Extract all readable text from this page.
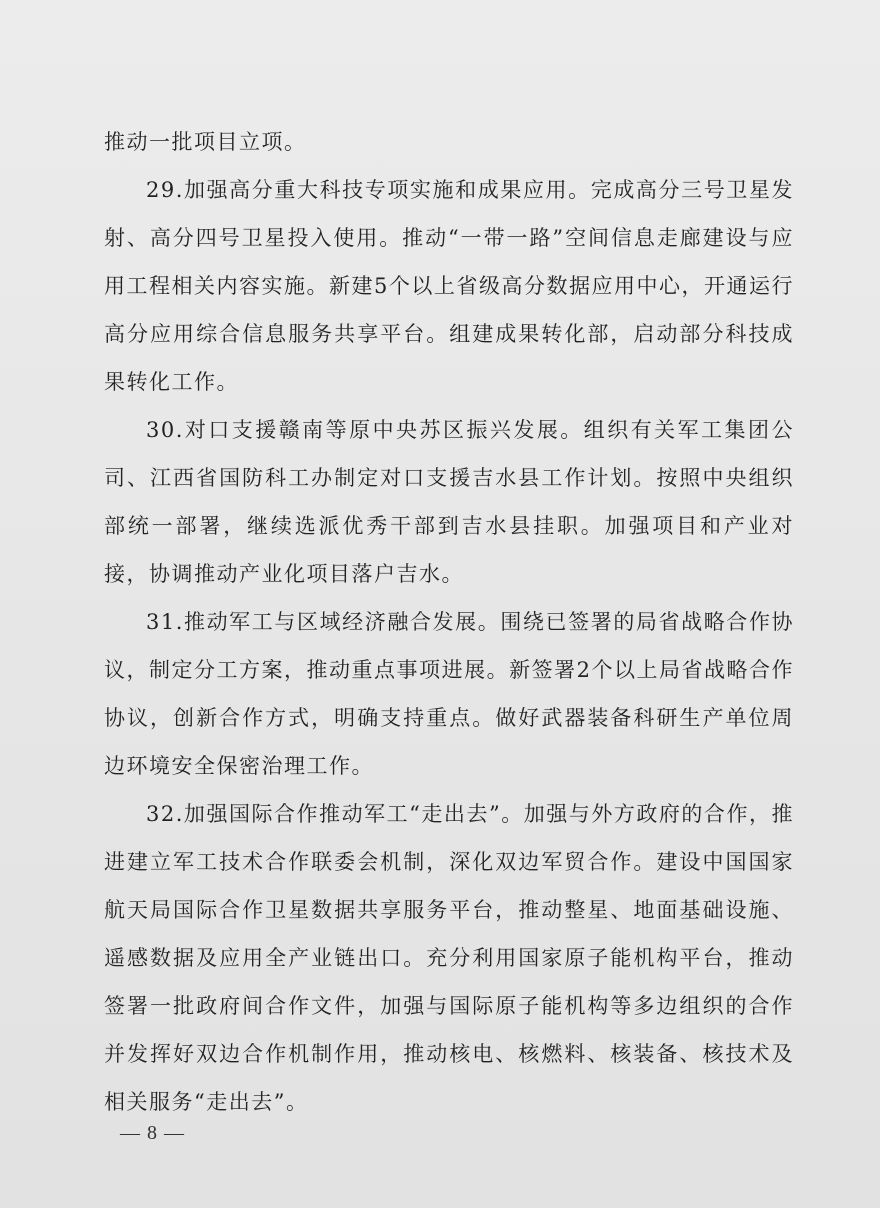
推动一批项目立项。

29.加强高分重大科技专项实施和成果应用。完成高分三号卫星发射、高分四号卫星投入使用。推动“一带一路”空间信息走廊建设与应用工程相关内容实施。新建5个以上省级高分数据应用中心，开通运行高分应用综合信息服务共享平台。组建成果转化部，启动部分科技成果转化工作。

30.对口支援赣南等原中央苏区振兴发展。组织有关军工集团公司、江西省国防科工办制定对口支援吉水县工作计划。按照中央组织部统一部署，继续选派优秀干部到吉水县挂职。加强项目和产业对接，协调推动产业化项目落户吉水。

31.推动军工与区域经济融合发展。围绕已签署的局省战略合作协议，制定分工方案，推动重点事项进展。新签署2个以上局省战略合作协议，创新合作方式，明确支持重点。做好武器装备科研生产单位周边环境安全保密治理工作。

32.加强国际合作推动军工“走出去”。加强与外方政府的合作，推进建立军工技术合作联委会机制，深化双边军贸合作。建设中国国家航天局国际合作卫星数据共享服务平台，推动整星、地面基础设施、遥感数据及应用全产业链出口。充分利用国家原子能机构平台，推动签署一批政府间合作文件，加强与国际原子能机构等多边组织的合作并发挥好双边合作机制作用，推动核电、核燃料、核装备、核技术及相关服务“走出去”。

— 8 —
